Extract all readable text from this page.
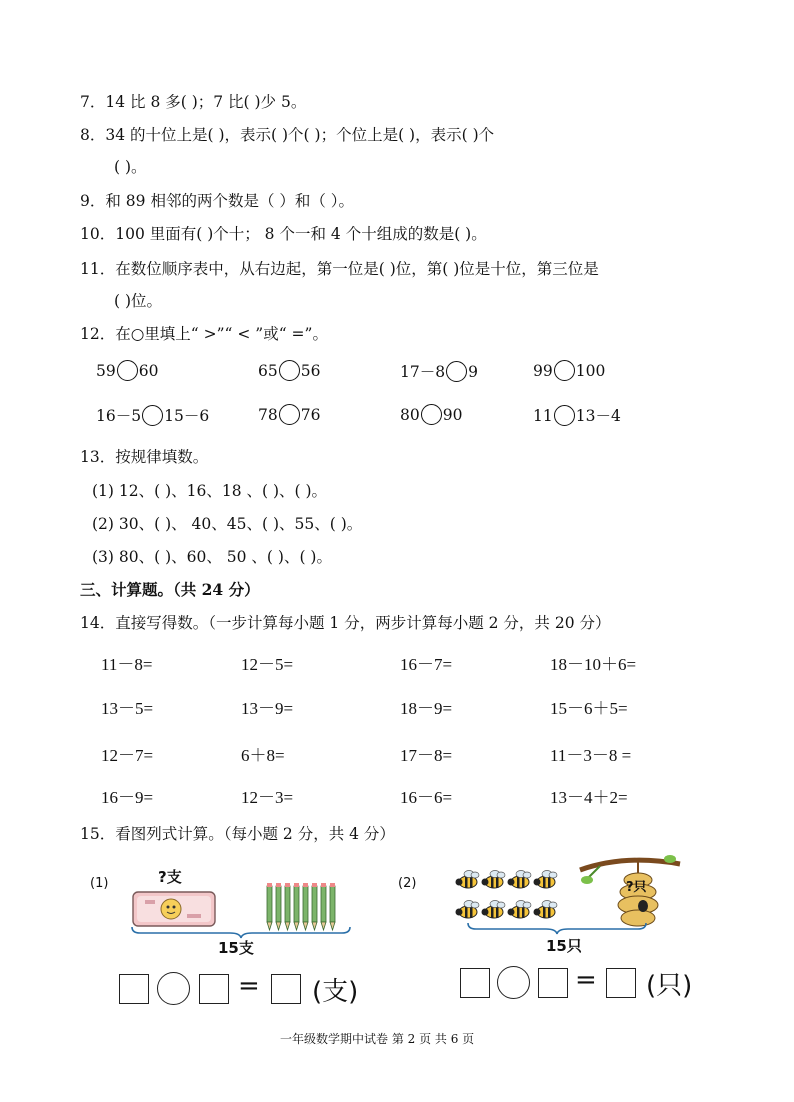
7．14 比 8 多( )；7 比( )少 5。
8．34 的十位上是( )，表示( )个( )；个位上是( )，表示( )个
( )。
9．和 89 相邻的两个数是（ ）和（ ）。
10．100 里面有( )个十； 8 个一和 4 个十组成的数是( )。
11．在数位顺序表中，从右边起，第一位是( )位，第( )位是十位，第三位是
( )位。
12．在○里填上“ >”“ < ”或“ =”。
59 60	65 56	17－8 9	99 100
16－5 15－6	78 76	80 90	11 13－4
13．按规律填数。
(1) 12、( )、16、18 、( )、( )。
(2) 30、( )、 40、45、( )、55、( )。
(3) 80、( )、60、 50 、( )、( )。
三、计算题。（共 24 分）
14．直接写得数。（一步计算每小题 1 分，两步计算每小题 2 分，共 20 分）
11－8=	12－5=	16－7=	18－10＋6=
13－5=	13－9=	18－9=	15－6＋5=
12－7=	6＋8=	17－8=	11－3－8 =
16－9=	12－3=	16－6=	13－4＋2=
15．看图列式计算。（每小题 2 分，共 4 分）
(1)	?支
15支
= (支)
(2)	?只
15只
= (只)
一年级数学期中试卷 第 2 页 共 6 页
